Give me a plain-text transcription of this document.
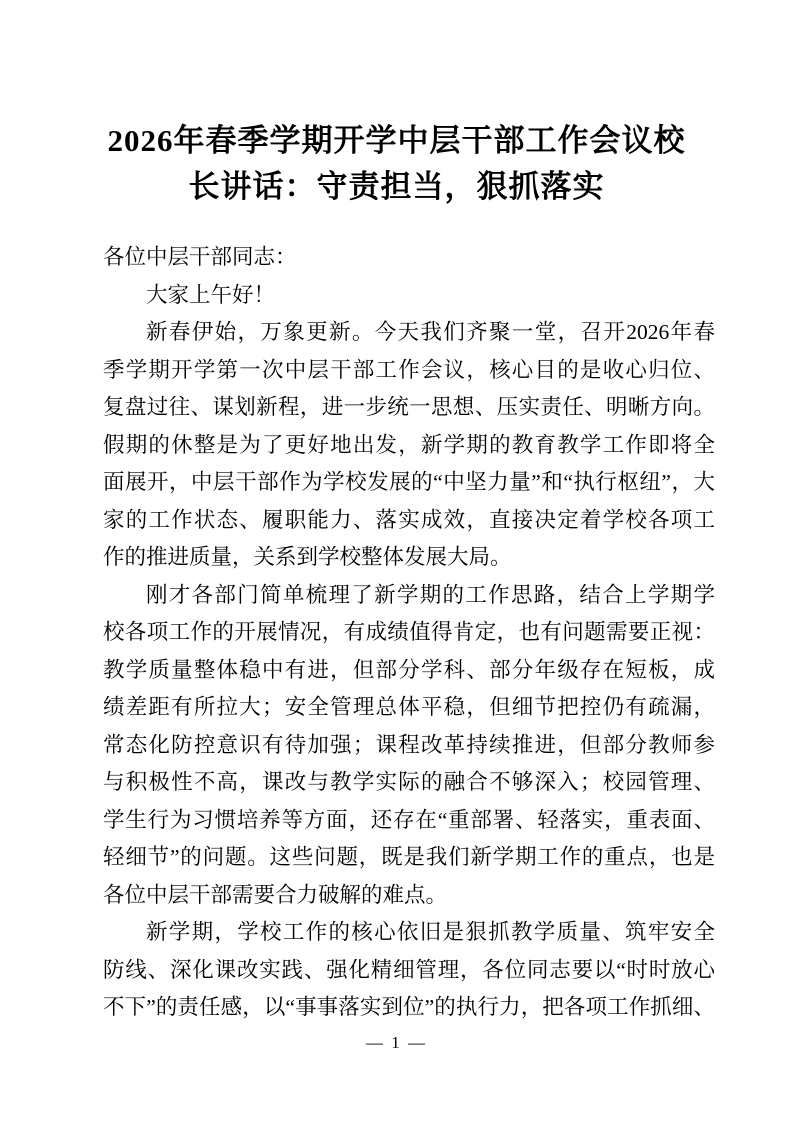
2026年春季学期开学中层干部工作会议校
长讲话：守责担当，狠抓落实
各位中层干部同志：
大家上午好！
新春伊始，万象更新。今天我们齐聚一堂，召开2026年春
季学期开学第一次中层干部工作会议，核心目的是收心归位、
复盘过往、谋划新程，进一步统一思想、压实责任、明晰方向。
假期的休整是为了更好地出发，新学期的教育教学工作即将全
面展开，中层干部作为学校发展的“中坚力量”和“执行枢纽”，大
家的工作状态、履职能力、落实成效，直接决定着学校各项工
作的推进质量，关系到学校整体发展大局。
刚才各部门简单梳理了新学期的工作思路，结合上学期学
校各项工作的开展情况，有成绩值得肯定，也有问题需要正视：
教学质量整体稳中有进，但部分学科、部分年级存在短板，成
绩差距有所拉大；安全管理总体平稳，但细节把控仍有疏漏，
常态化防控意识有待加强；课程改革持续推进，但部分教师参
与积极性不高，课改与教学实际的融合不够深入；校园管理、
学生行为习惯培养等方面，还存在“重部署、轻落实，重表面、
轻细节”的问题。这些问题，既是我们新学期工作的重点，也是
各位中层干部需要合力破解的难点。
新学期，学校工作的核心依旧是狠抓教学质量、筑牢安全
防线、深化课改实践、强化精细管理，各位同志要以“时时放心
不下”的责任感，以“事事落实到位”的执行力，把各项工作抓细、
— 1 —
